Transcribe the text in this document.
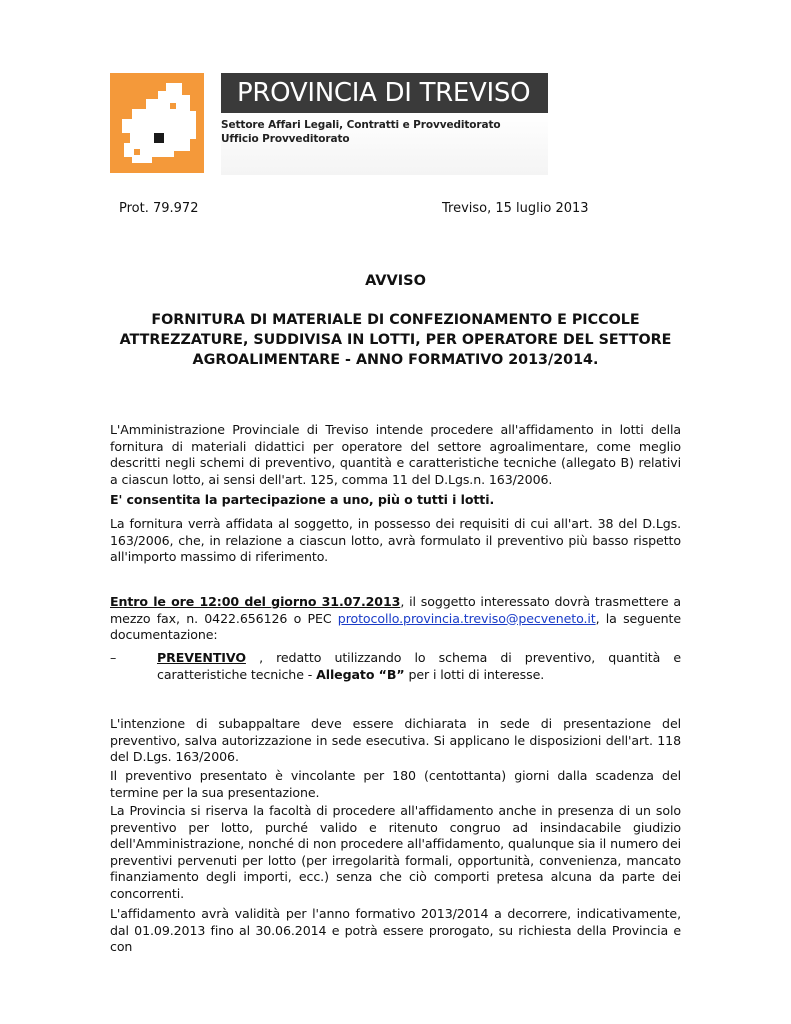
PROVINCIA DI TREVISO
Settore Affari Legali, Contratti e Provveditorato
Ufficio Provveditorato
Prot. 79.972	Treviso, 15 luglio 2013
AVVISO
FORNITURA DI MATERIALE DI CONFEZIONAMENTO E PICCOLE ATTREZZATURE, SUDDIVISA IN LOTTI, PER OPERATORE DEL SETTORE AGROALIMENTARE - ANNO FORMATIVO 2013/2014.
L'Amministrazione Provinciale di Treviso intende procedere all'affidamento in lotti della fornitura di materiali didattici per operatore del settore agroalimentare, come meglio descritti negli schemi di preventivo, quantità e caratteristiche tecniche (allegato B) relativi a ciascun lotto, ai sensi dell'art. 125, comma 11 del D.Lgs.n. 163/2006.
E' consentita la partecipazione a uno, più o tutti i lotti.
La fornitura verrà affidata al soggetto, in possesso dei requisiti di cui all'art. 38 del D.Lgs. 163/2006, che, in relazione a ciascun lotto, avrà formulato il preventivo più basso rispetto all'importo massimo di riferimento.
Entro le ore 12:00 del giorno 31.07.2013, il soggetto interessato dovrà trasmettere a mezzo fax, n. 0422.656126 o PEC protocollo.provincia.treviso@pecveneto.it, la seguente documentazione:
–	PREVENTIVO , redatto utilizzando lo schema di preventivo, quantità e caratteristiche tecniche - Allegato “B” per i lotti di interesse.
L'intenzione di subappaltare deve essere dichiarata in sede di presentazione del preventivo, salva autorizzazione in sede esecutiva. Si applicano le disposizioni dell'art. 118 del D.Lgs. 163/2006.
Il preventivo presentato è vincolante per 180 (centottanta) giorni dalla scadenza del termine per la sua presentazione.
La Provincia si riserva la facoltà di procedere all'affidamento anche in presenza di un solo preventivo per lotto, purché valido e ritenuto congruo ad insindacabile giudizio dell'Amministrazione, nonché di non procedere all'affidamento, qualunque sia il numero dei preventivi pervenuti per lotto (per irregolarità formali, opportunità, convenienza, mancato finanziamento degli importi, ecc.) senza che ciò comporti pretesa alcuna da parte dei concorrenti.
L'affidamento avrà validità per l'anno formativo 2013/2014 a decorrere, indicativamente, dal 01.09.2013 fino al 30.06.2014 e potrà essere prorogato, su richiesta della Provincia e con
